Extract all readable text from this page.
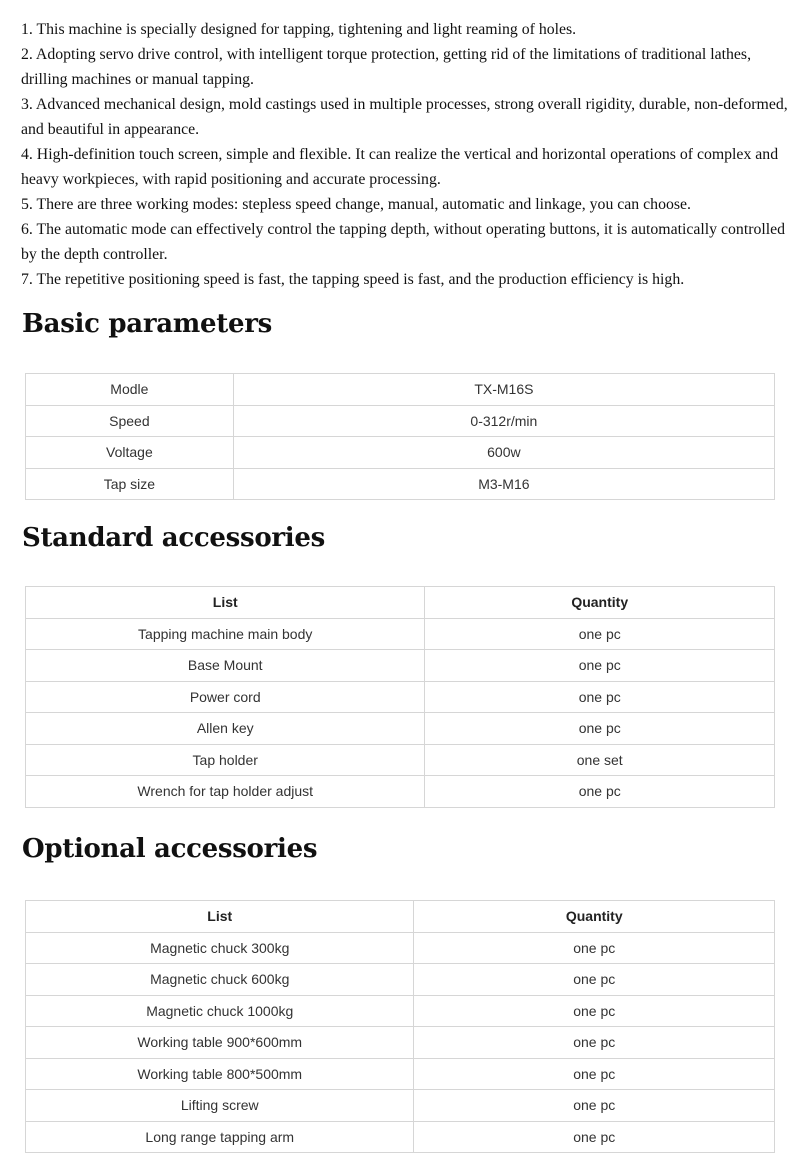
1. This machine is specially designed for tapping, tightening and light reaming of holes.

2. Adopting servo drive control, with intelligent torque protection, getting rid of the limitations of traditional lathes, drilling machines or manual tapping.

3. Advanced mechanical design, mold castings used in multiple processes, strong overall rigidity, durable, non-deformed, and beautiful in appearance.

4. High-definition touch screen, simple and flexible. It can realize the vertical and horizontal operations of complex and heavy workpieces, with rapid positioning and accurate processing.

5. There are three working modes: stepless speed change, manual, automatic and linkage, you can choose.

6. The automatic mode can effectively control the tapping depth, without operating buttons, it is automatically controlled by the depth controller.

7. The repetitive positioning speed is fast, the tapping speed is fast, and the production efficiency is high.

Basic parameters
Modle	TX-M16S
Speed	0-312r/min
Voltage	600w
Tap size	M3-M16
Standard accessories
List	Quantity
Tapping machine main body	one pc
Base Mount	one pc
Power cord	one pc
Allen key	one pc
Tap holder	one set
Wrench for tap holder adjust	one pc
Optional accessories
List	Quantity
Magnetic chuck 300kg	one pc
Magnetic chuck 600kg	one pc
Magnetic chuck 1000kg	one pc
Working table 900*600mm	one pc
Working table 800*500mm	one pc
Lifting screw	one pc
Long range tapping arm	one pc
